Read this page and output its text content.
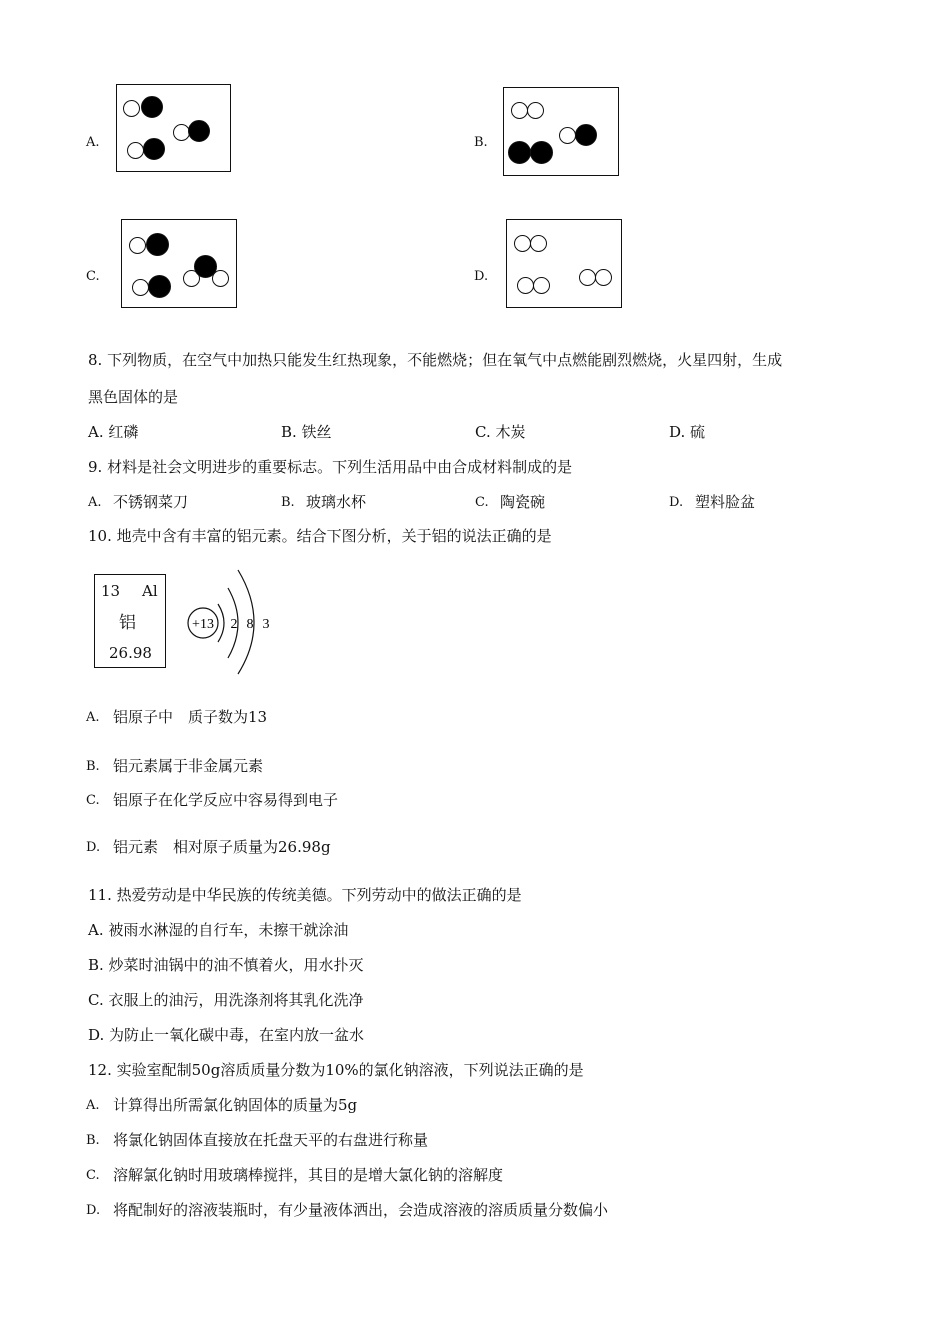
A.	B.
C.	D.
8. 下列物质，在空气中加热只能发生红热现象，不能燃烧；但在氧气中点燃能剧烈燃烧，火星四射，生成
黑色固体的是
A. 红磷	B. 铁丝	C. 木炭	D. 硫
9. 材料是社会文明进步的重要标志。下列生活用品中由合成材料制成的是
A. 不锈钢菜刀	B. 玻璃水杯	C. 陶瓷碗	D. 塑料脸盆
10. 地壳中含有丰富的铝元素。结合下图分析，关于铝的说法正确的是
13 Al
铝
26.98
+13 2 8 3
A. 铝原子中　质子数为13
B. 铝元素属于非金属元素
C. 铝原子在化学反应中容易得到电子
D. 铝元素　相对原子质量为26.98g
11. 热爱劳动是中华民族的传统美德。下列劳动中的做法正确的是
A. 被雨水淋湿的自行车，未擦干就涂油
B. 炒菜时油锅中的油不慎着火，用水扑灭
C. 衣服上的油污，用洗涤剂将其乳化洗净
D. 为防止一氧化碳中毒，在室内放一盆水
12. 实验室配制50g溶质质量分数为10%的氯化钠溶液，下列说法正确的是
A. 计算得出所需氯化钠固体的质量为5g
B. 将氯化钠固体直接放在托盘天平的右盘进行称量
C. 溶解氯化钠时用玻璃棒搅拌，其目的是增大氯化钠的溶解度
D. 将配制好的溶液装瓶时，有少量液体洒出，会造成溶液的溶质质量分数偏小
